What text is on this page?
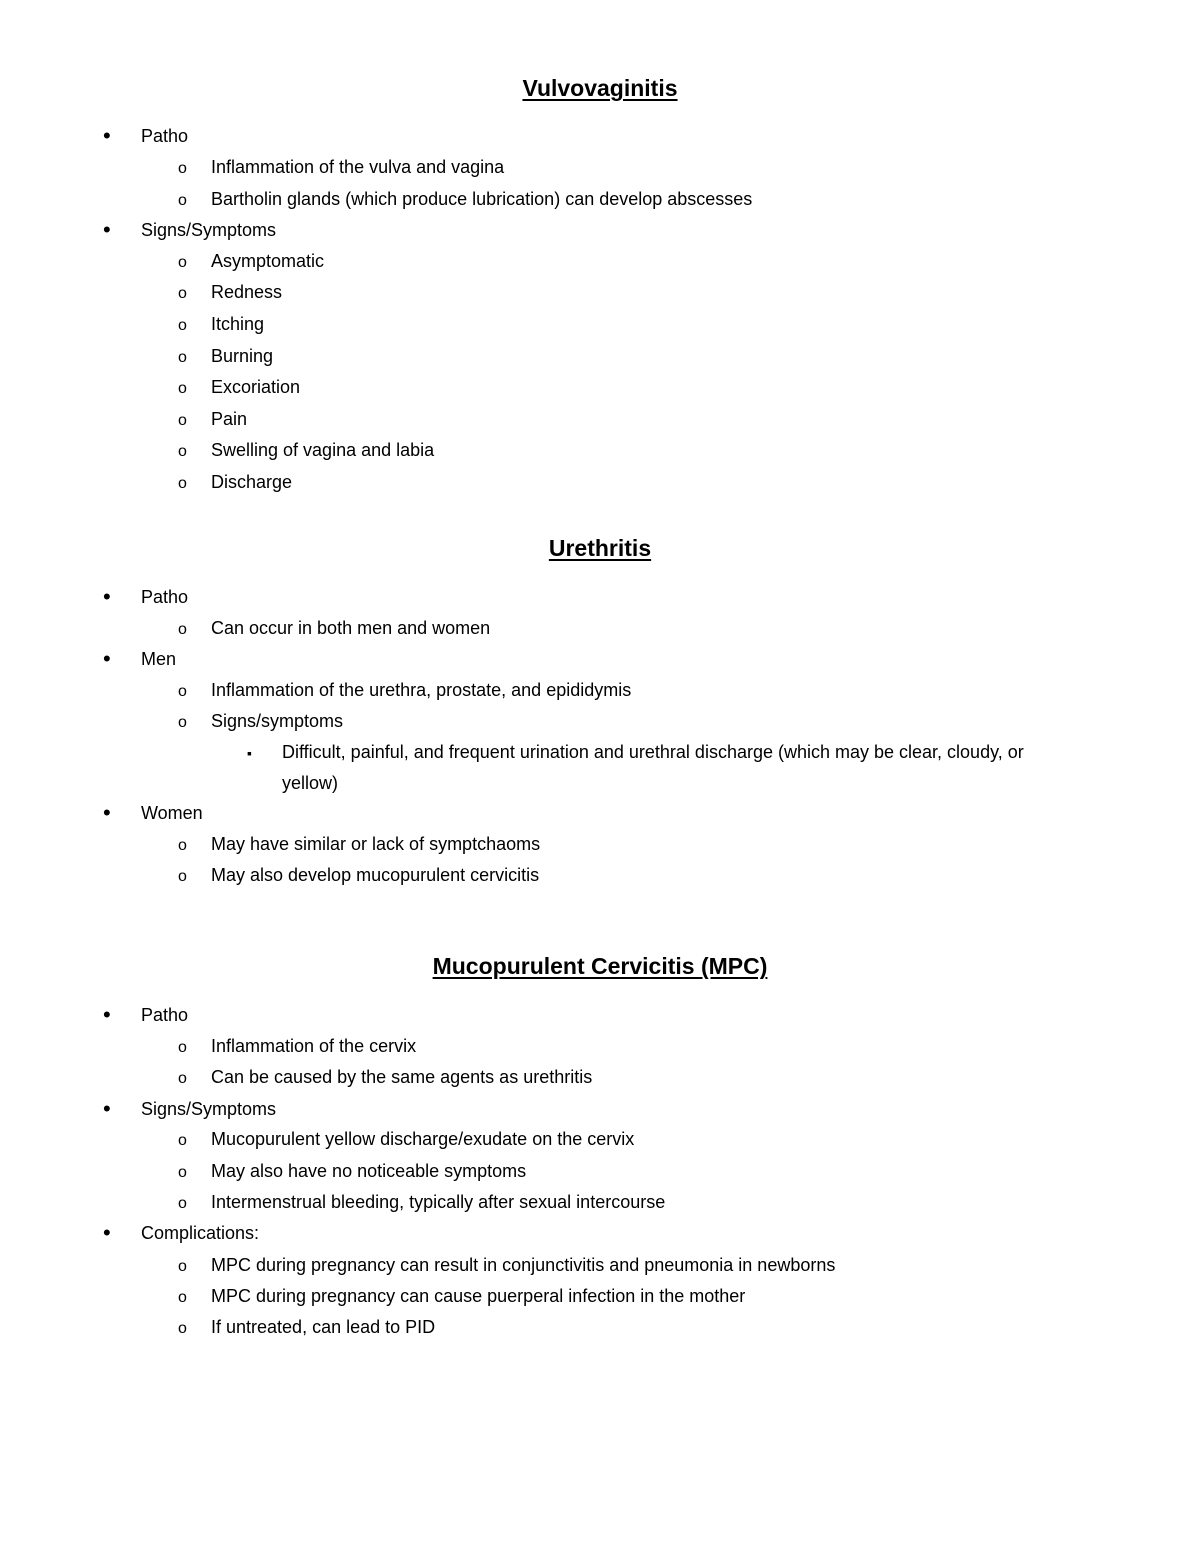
Vulvovaginitis
•
Patho
o
Inflammation of the vulva and vagina
o
Bartholin glands (which produce lubrication) can develop abscesses
•
Signs/Symptoms
o
Asymptomatic
o
Redness
o
Itching
o
Burning
o
Excoriation
o
Pain
o
Swelling of vagina and labia
o
Discharge
Urethritis
•
Patho
o
Can occur in both men and women
•
Men
o
Inflammation of the urethra, prostate, and epididymis
o
Signs/symptoms
▪
Difficult, painful, and frequent urination and urethral discharge (which may be clear, cloudy, or
yellow)
•
Women
o
May have similar or lack of symptchaoms
o
May also develop mucopurulent cervicitis
Mucopurulent Cervicitis (MPC)
•
Patho
o
Inflammation of the cervix
o
Can be caused by the same agents as urethritis
•
Signs/Symptoms
o
Mucopurulent yellow discharge/exudate on the cervix
o
May also have no noticeable symptoms
o
Intermenstrual bleeding, typically after sexual intercourse
•
Complications:
o
MPC during pregnancy can result in conjunctivitis and pneumonia in newborns
o
MPC during pregnancy can cause puerperal infection in the mother
o
If untreated, can lead to PID
